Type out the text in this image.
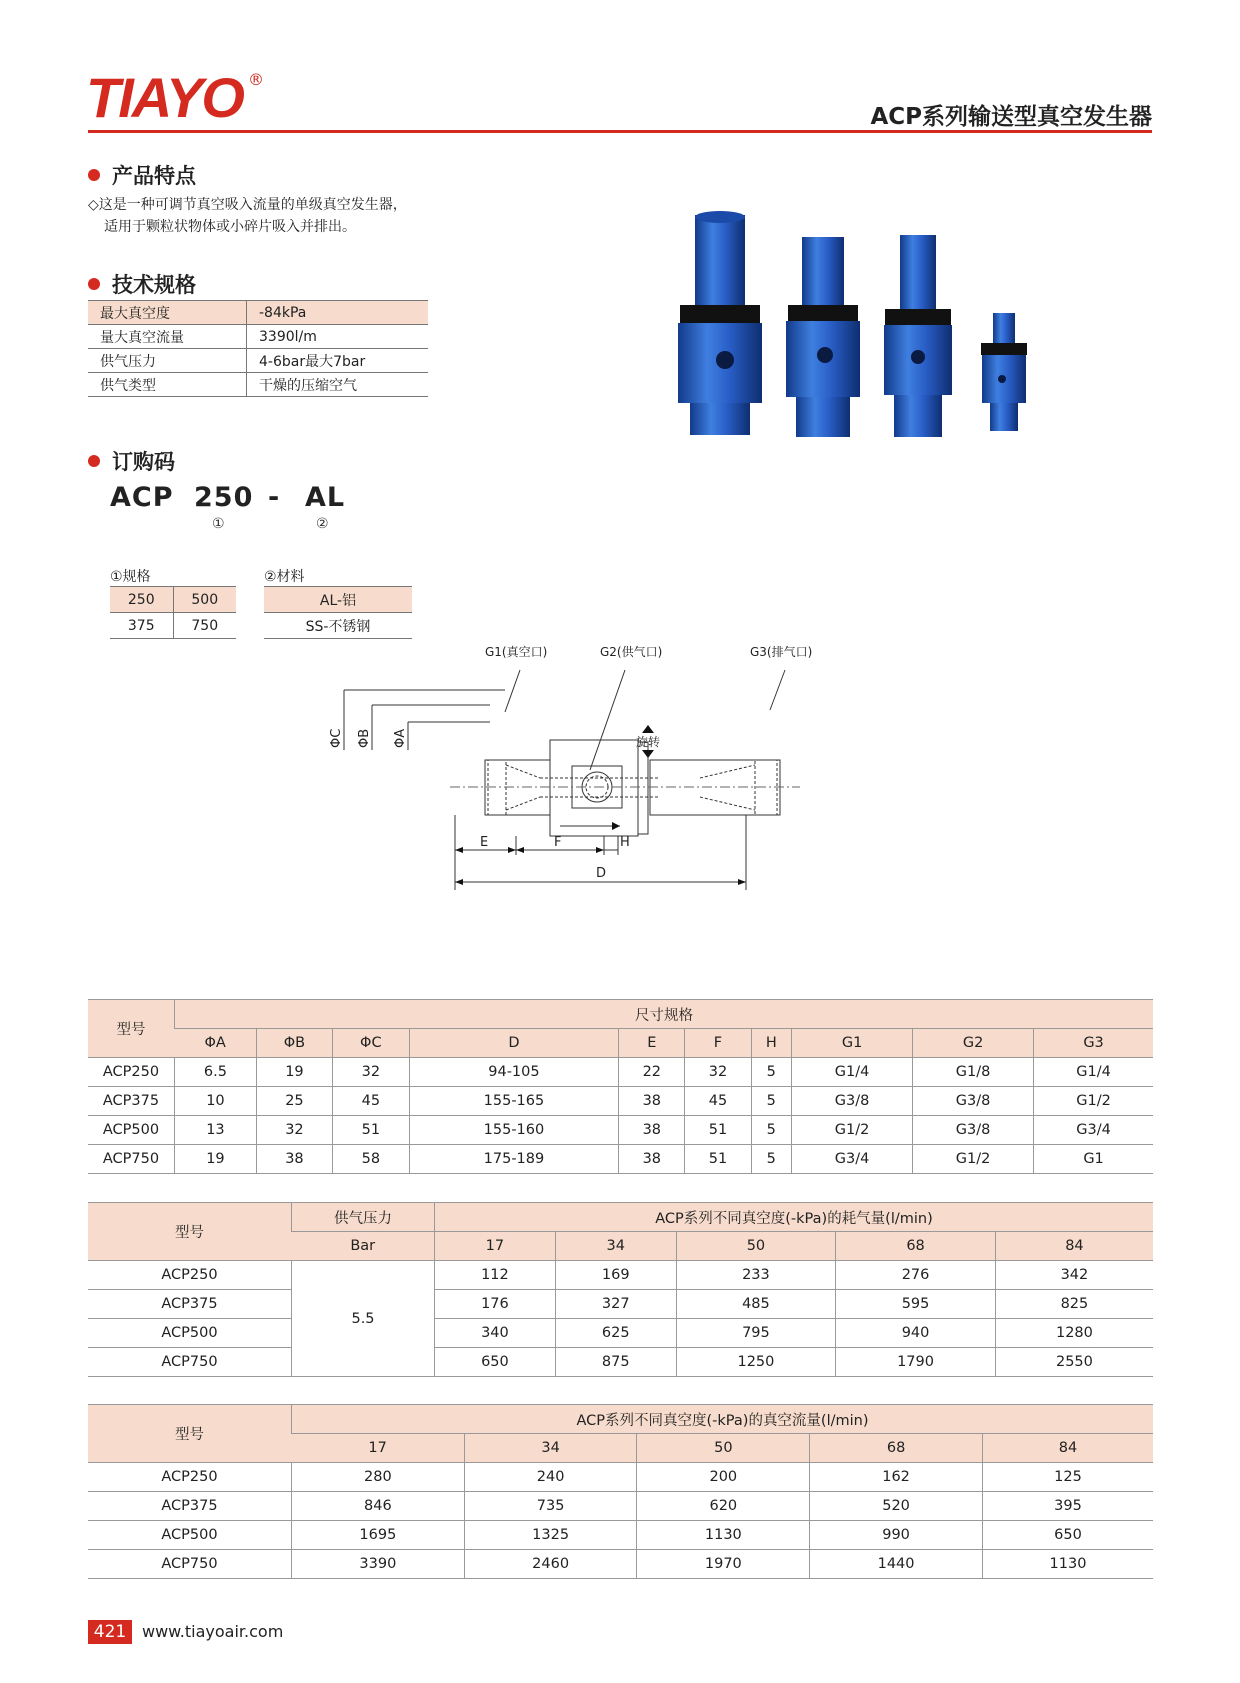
TIAYO ®
ACP系列输送型真空发生器
产品特点
◇这是一种可调节真空吸入流量的单级真空发生器，
适用于颗粒状物体或小碎片吸入并排出。
技术规格
最大真空度	-84kPa
量大真空流量	3390l/m
供气压力	4-6bar最大7bar
供气类型	干燥的压缩空气
订购码
ACP 250 - AL
①	②
①规格
250	500
375	750
②材料
AL-铝
SS-不锈钢
G1(真空口)	G2(供气口)	G3(排气口)
ΦC ΦB ΦA	旋转
E	F	H
D
型号	尺寸规格									
	ΦA	ΦB	ΦC	D	E	F	H	G1	G2	G3
ACP250	6.5	19	32	94-105	22	32	5	G1/4	G1/8	G1/4
ACP375	10	25	45	155-165	38	45	5	G3/8	G3/8	G1/2
ACP500	13	32	51	155-160	38	51	5	G1/2	G3/8	G3/4
ACP750	19	38	58	175-189	38	51	5	G3/4	G1/2	G1
型号	供气压力	ACP系列不同真空度(-kPa)的耗气量(l/min)				
	Bar	17	34	50	68	84
ACP250	5.5	112	169	233	276	342
ACP375		176	327	485	595	825
ACP500		340	625	795	940	1280
ACP750		650	875	1250	1790	2550
型号	ACP系列不同真空度(-kPa)的真空流量(l/min)				
	17	34	50	68	84
ACP250	280	240	200	162	125
ACP375	846	735	620	520	395
ACP500	1695	1325	1130	990	650
ACP750	3390	2460	1970	1440	1130
421 www.tiayoair.com
